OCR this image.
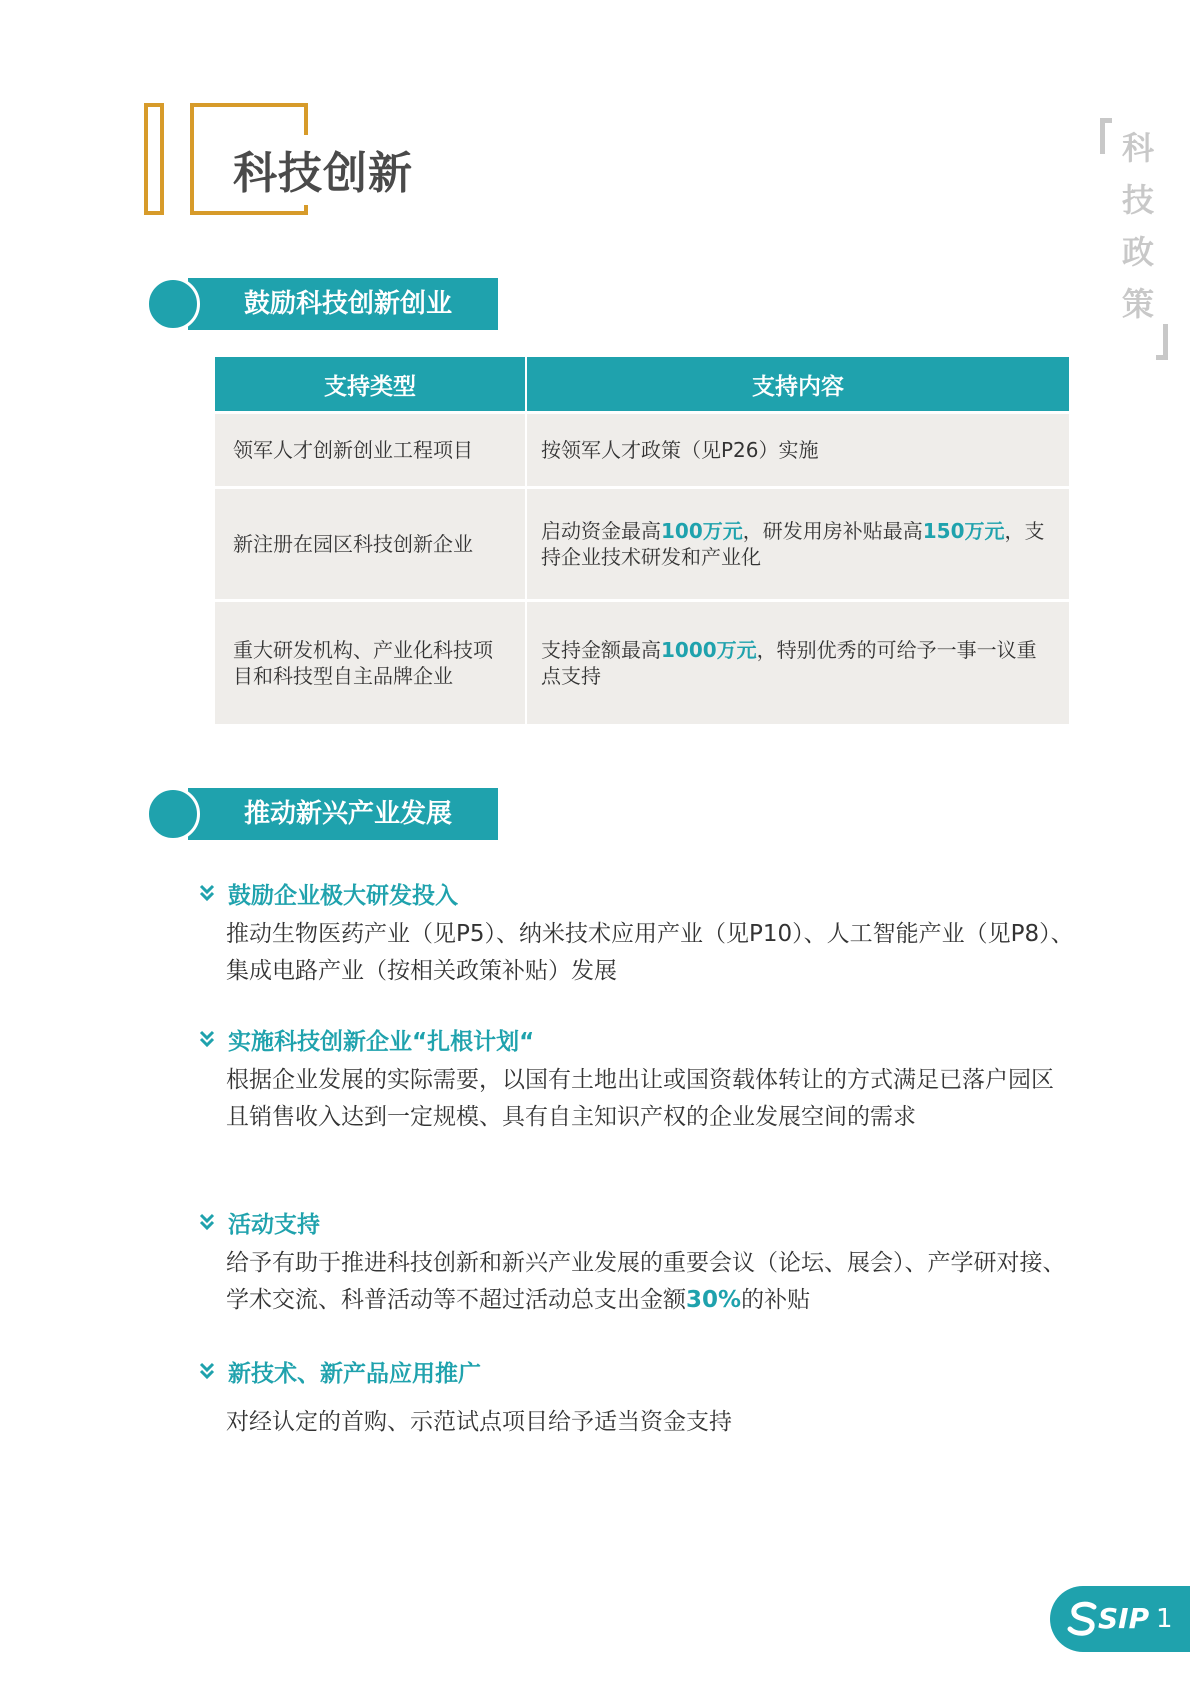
科技创新	科
技
政
策
鼓励科技创新创业
支持类型	支持内容
领军人才创新创业工程项目	按领军人才政策（见P26）实施
新注册在园区科技创新企业	启动资金最高100万元，研发用房补贴最高150万元，支持企业技术研发和产业化
重大研发机构、产业化科技项目和科技型自主品牌企业	支持金额最高1000万元，特别优秀的可给予一事一议重点支持
推动新兴产业发展
鼓励企业极大研发投入
推动生物医药产业（见P5）、纳米技术应用产业（见P10）、人工智能产业（见P8）、集成电路产业（按相关政策补贴）发展
实施科技创新企业“扎根计划“
根据企业发展的实际需要，以国有土地出让或国资载体转让的方式满足已落户园区且销售收入达到一定规模、具有自主知识产权的企业发展空间的需求
活动支持
给予有助于推进科技创新和新兴产业发展的重要会议（论坛、展会）、产学研对接、学术交流、科普活动等不超过活动总支出金额30%的补贴
新技术、新产品应用推广
对经认定的首购、示范试点项目给予适当资金支持
SIP 1
